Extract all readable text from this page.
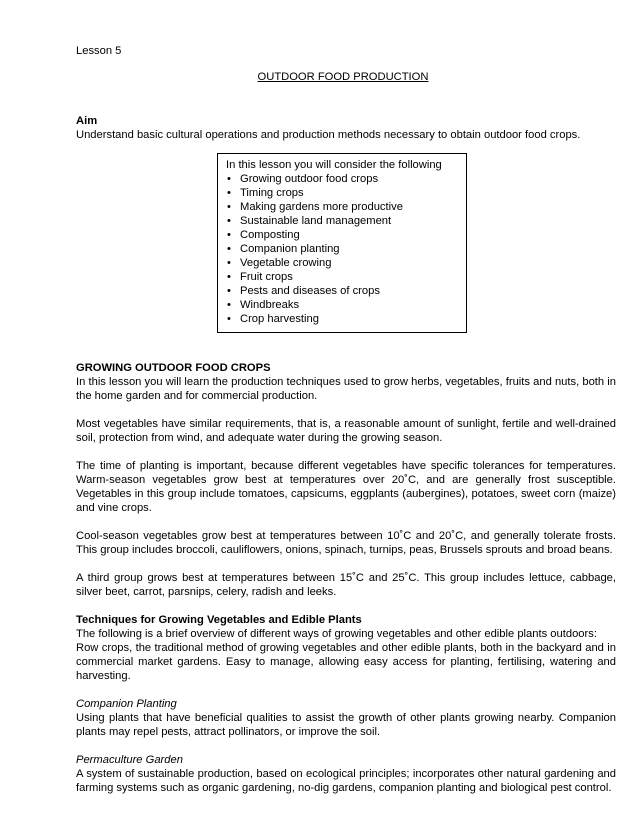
Lesson 5
OUTDOOR FOOD PRODUCTION
Aim
Understand basic cultural operations and production methods necessary to obtain outdoor food crops.
In this lesson you will consider the following
• Growing outdoor food crops
• Timing crops
• Making gardens more productive
• Sustainable land management
• Composting
• Companion planting
• Vegetable crowing
• Fruit crops
• Pests and diseases of crops
• Windbreaks
• Crop harvesting
GROWING OUTDOOR FOOD CROPS

In this lesson you will learn the production techniques used to grow herbs, vegetables, fruits and nuts, both in the home garden and for commercial production.

Most vegetables have similar requirements, that is, a reasonable amount of sunlight, fertile and well-drained soil, protection from wind, and adequate water during the growing season.

The time of planting is important, because different vegetables have specific tolerances for temperatures. Warm-season vegetables grow best at temperatures over 20˚C, and are generally frost susceptible. Vegetables in this group include tomatoes, capsicums, eggplants (aubergines), potatoes, sweet corn (maize) and vine crops.

Cool-season vegetables grow best at temperatures between 10˚C and 20˚C, and generally tolerate frosts. This group includes broccoli, cauliflowers, onions, spinach, turnips, peas, Brussels sprouts and broad beans.

A third group grows best at temperatures between 15˚C and 25˚C. This group includes lettuce, cabbage, silver beet, carrot, parsnips, celery, radish and leeks.

Techniques for Growing Vegetables and Edible Plants

The following is a brief overview of different ways of growing vegetables and other edible plants outdoors:

Row crops, the traditional method of growing vegetables and other edible plants, both in the backyard and in commercial market gardens. Easy to manage, allowing easy access for planting, fertilising, watering and harvesting.

Companion Planting

Using plants that have beneficial qualities to assist the growth of other plants growing nearby. Companion plants may repel pests, attract pollinators, or improve the soil.

Permaculture Garden

A system of sustainable production, based on ecological principles; incorporates other natural gardening and farming systems such as organic gardening, no-dig gardens, companion planting and biological pest control.
